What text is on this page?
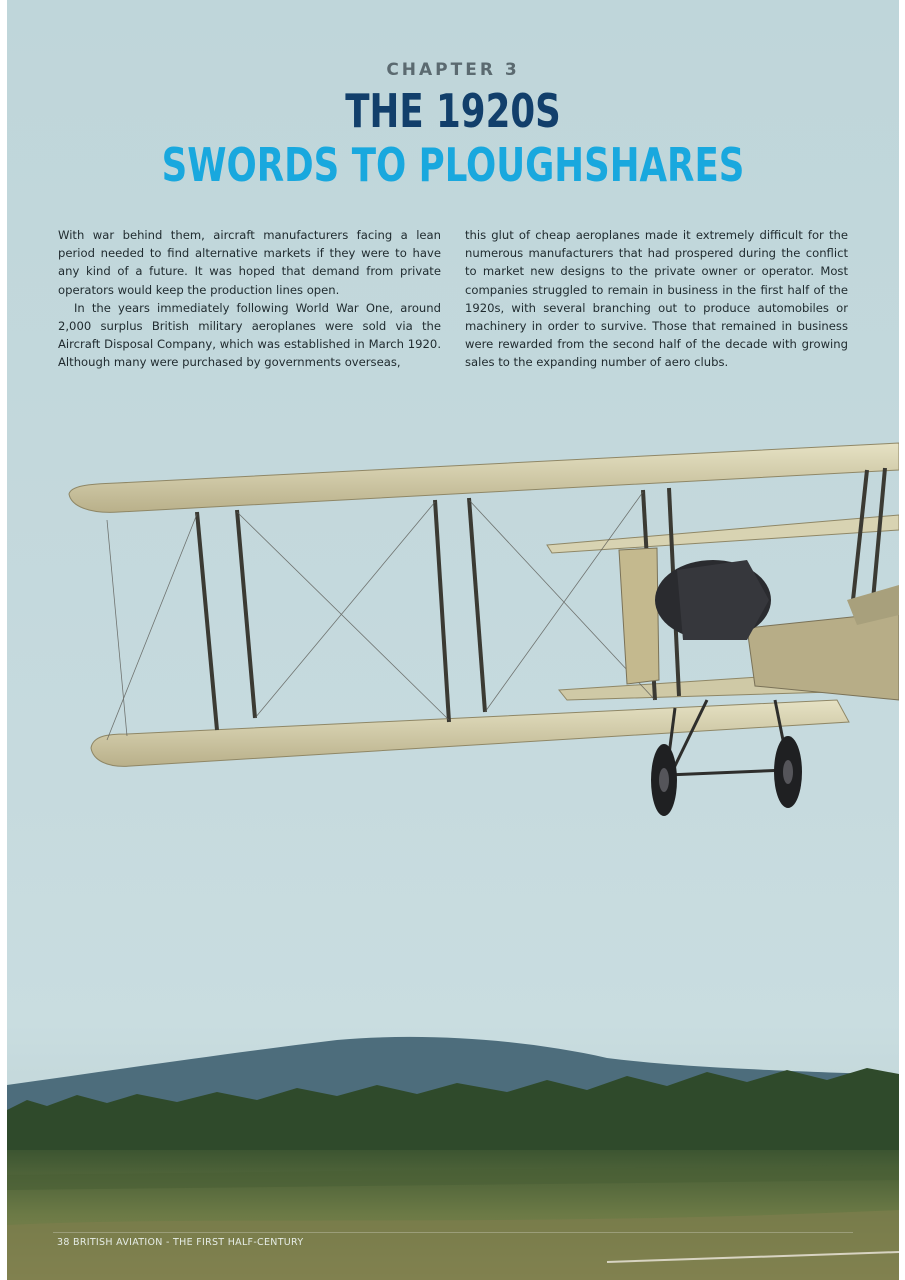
CHAPTER 3
THE 1920S
SWORDS TO PLOUGHSHARES

With war behind them, aircraft manufacturers facing a lean period needed to find alternative markets if they were to have any kind of a future. It was hoped that demand from private operators would keep the production lines open.

In the years immediately following World War One, around 2,000 surplus British military aeroplanes were sold via the Aircraft Disposal Company, which was established in March 1920. Although many were purchased by governments overseas,

this glut of cheap aeroplanes made it extremely difficult for the numerous manufacturers that had prospered during the conflict to market new designs to the private owner or operator. Most companies struggled to remain in business in the first half of the 1920s, with several branching out to produce automobiles or machinery in order to survive. Those that remained in business were rewarded from the second half of the decade with growing sales to the expanding number of aero clubs.

38 BRITISH AVIATION - THE FIRST HALF-CENTURY
